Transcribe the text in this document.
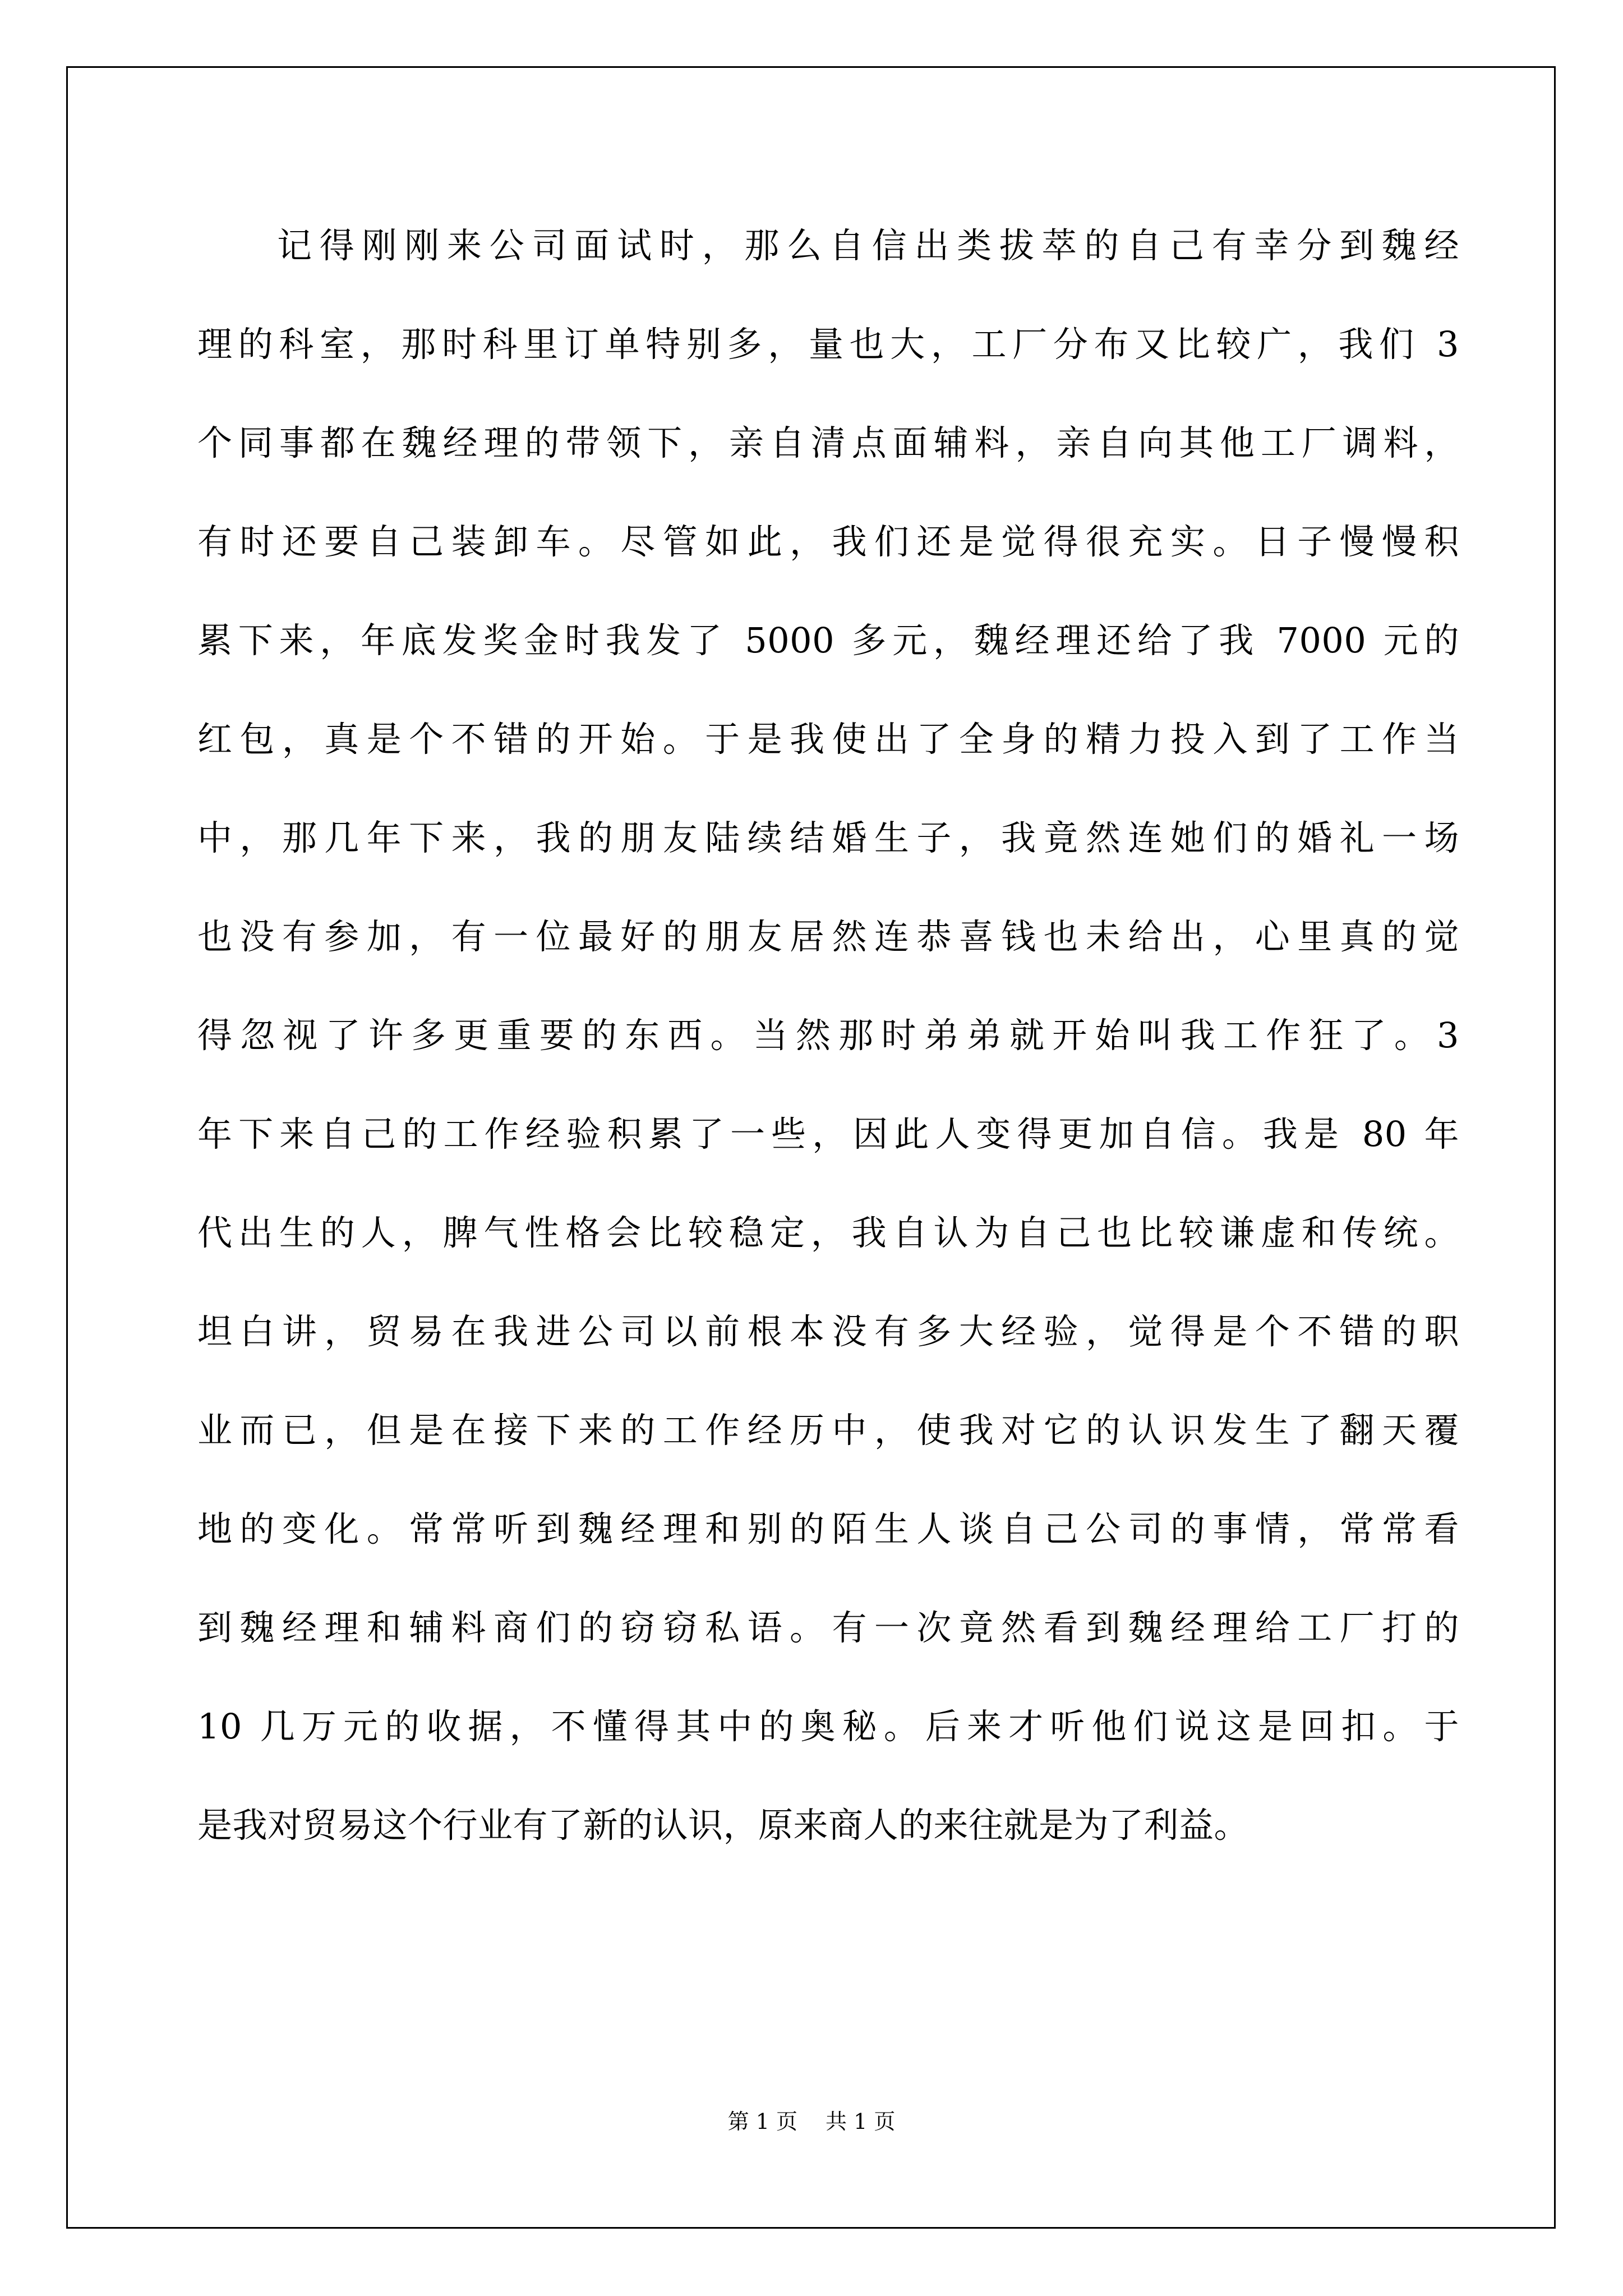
记得刚刚来公司面试时，那么自信出类拔萃的自己有幸分到魏经
理的科室，那时科里订单特别多，量也大，工厂分布又比较广，我们 3
个同事都在魏经理的带领下，亲自清点面辅料，亲自向其他工厂调料，
有时还要自己装卸车。尽管如此，我们还是觉得很充实。日子慢慢积
累下来，年底发奖金时我发了 5000 多元，魏经理还给了我 7000 元的
红包，真是个不错的开始。于是我使出了全身的精力投入到了工作当
中，那几年下来，我的朋友陆续结婚生子，我竟然连她们的婚礼一场
也没有参加，有一位最好的朋友居然连恭喜钱也未给出，心里真的觉
得忽视了许多更重要的东西。当然那时弟弟就开始叫我工作狂了。3
年下来自己的工作经验积累了一些，因此人变得更加自信。我是 80 年
代出生的人，脾气性格会比较稳定，我自认为自己也比较谦虚和传统。
坦白讲，贸易在我进公司以前根本没有多大经验，觉得是个不错的职
业而已，但是在接下来的工作经历中，使我对它的认识发生了翻天覆
地的变化。常常听到魏经理和别的陌生人谈自己公司的事情，常常看
到魏经理和辅料商们的窃窃私语。有一次竟然看到魏经理给工厂打的
10 几万元的收据，不懂得其中的奥秘。后来才听他们说这是回扣。于
是我对贸易这个行业有了新的认识，原来商人的来往就是为了利益。
第 1 页 共 1 页
